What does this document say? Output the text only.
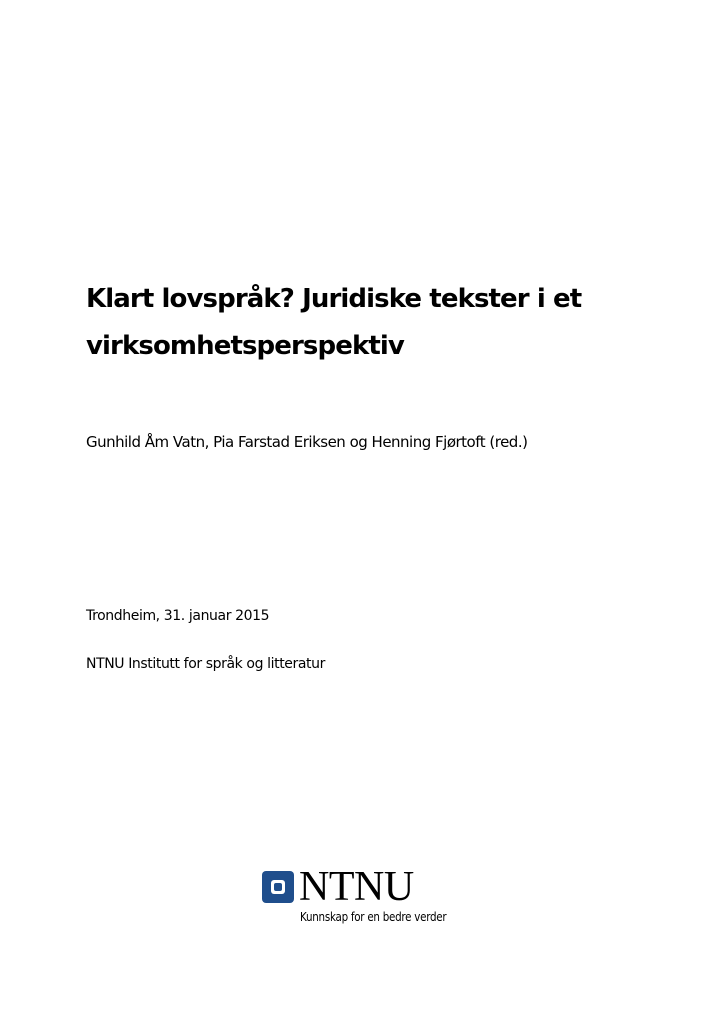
Klart lovspråk? Juridiske tekster i et virksomhetsperspektiv

Gunhild Åm Vatn, Pia Farstad Eriksen og Henning Fjørtoft (red.)

Trondheim, 31. januar 2015

NTNU Institutt for språk og litteratur

NTNU

Kunnskap for en bedre verder
